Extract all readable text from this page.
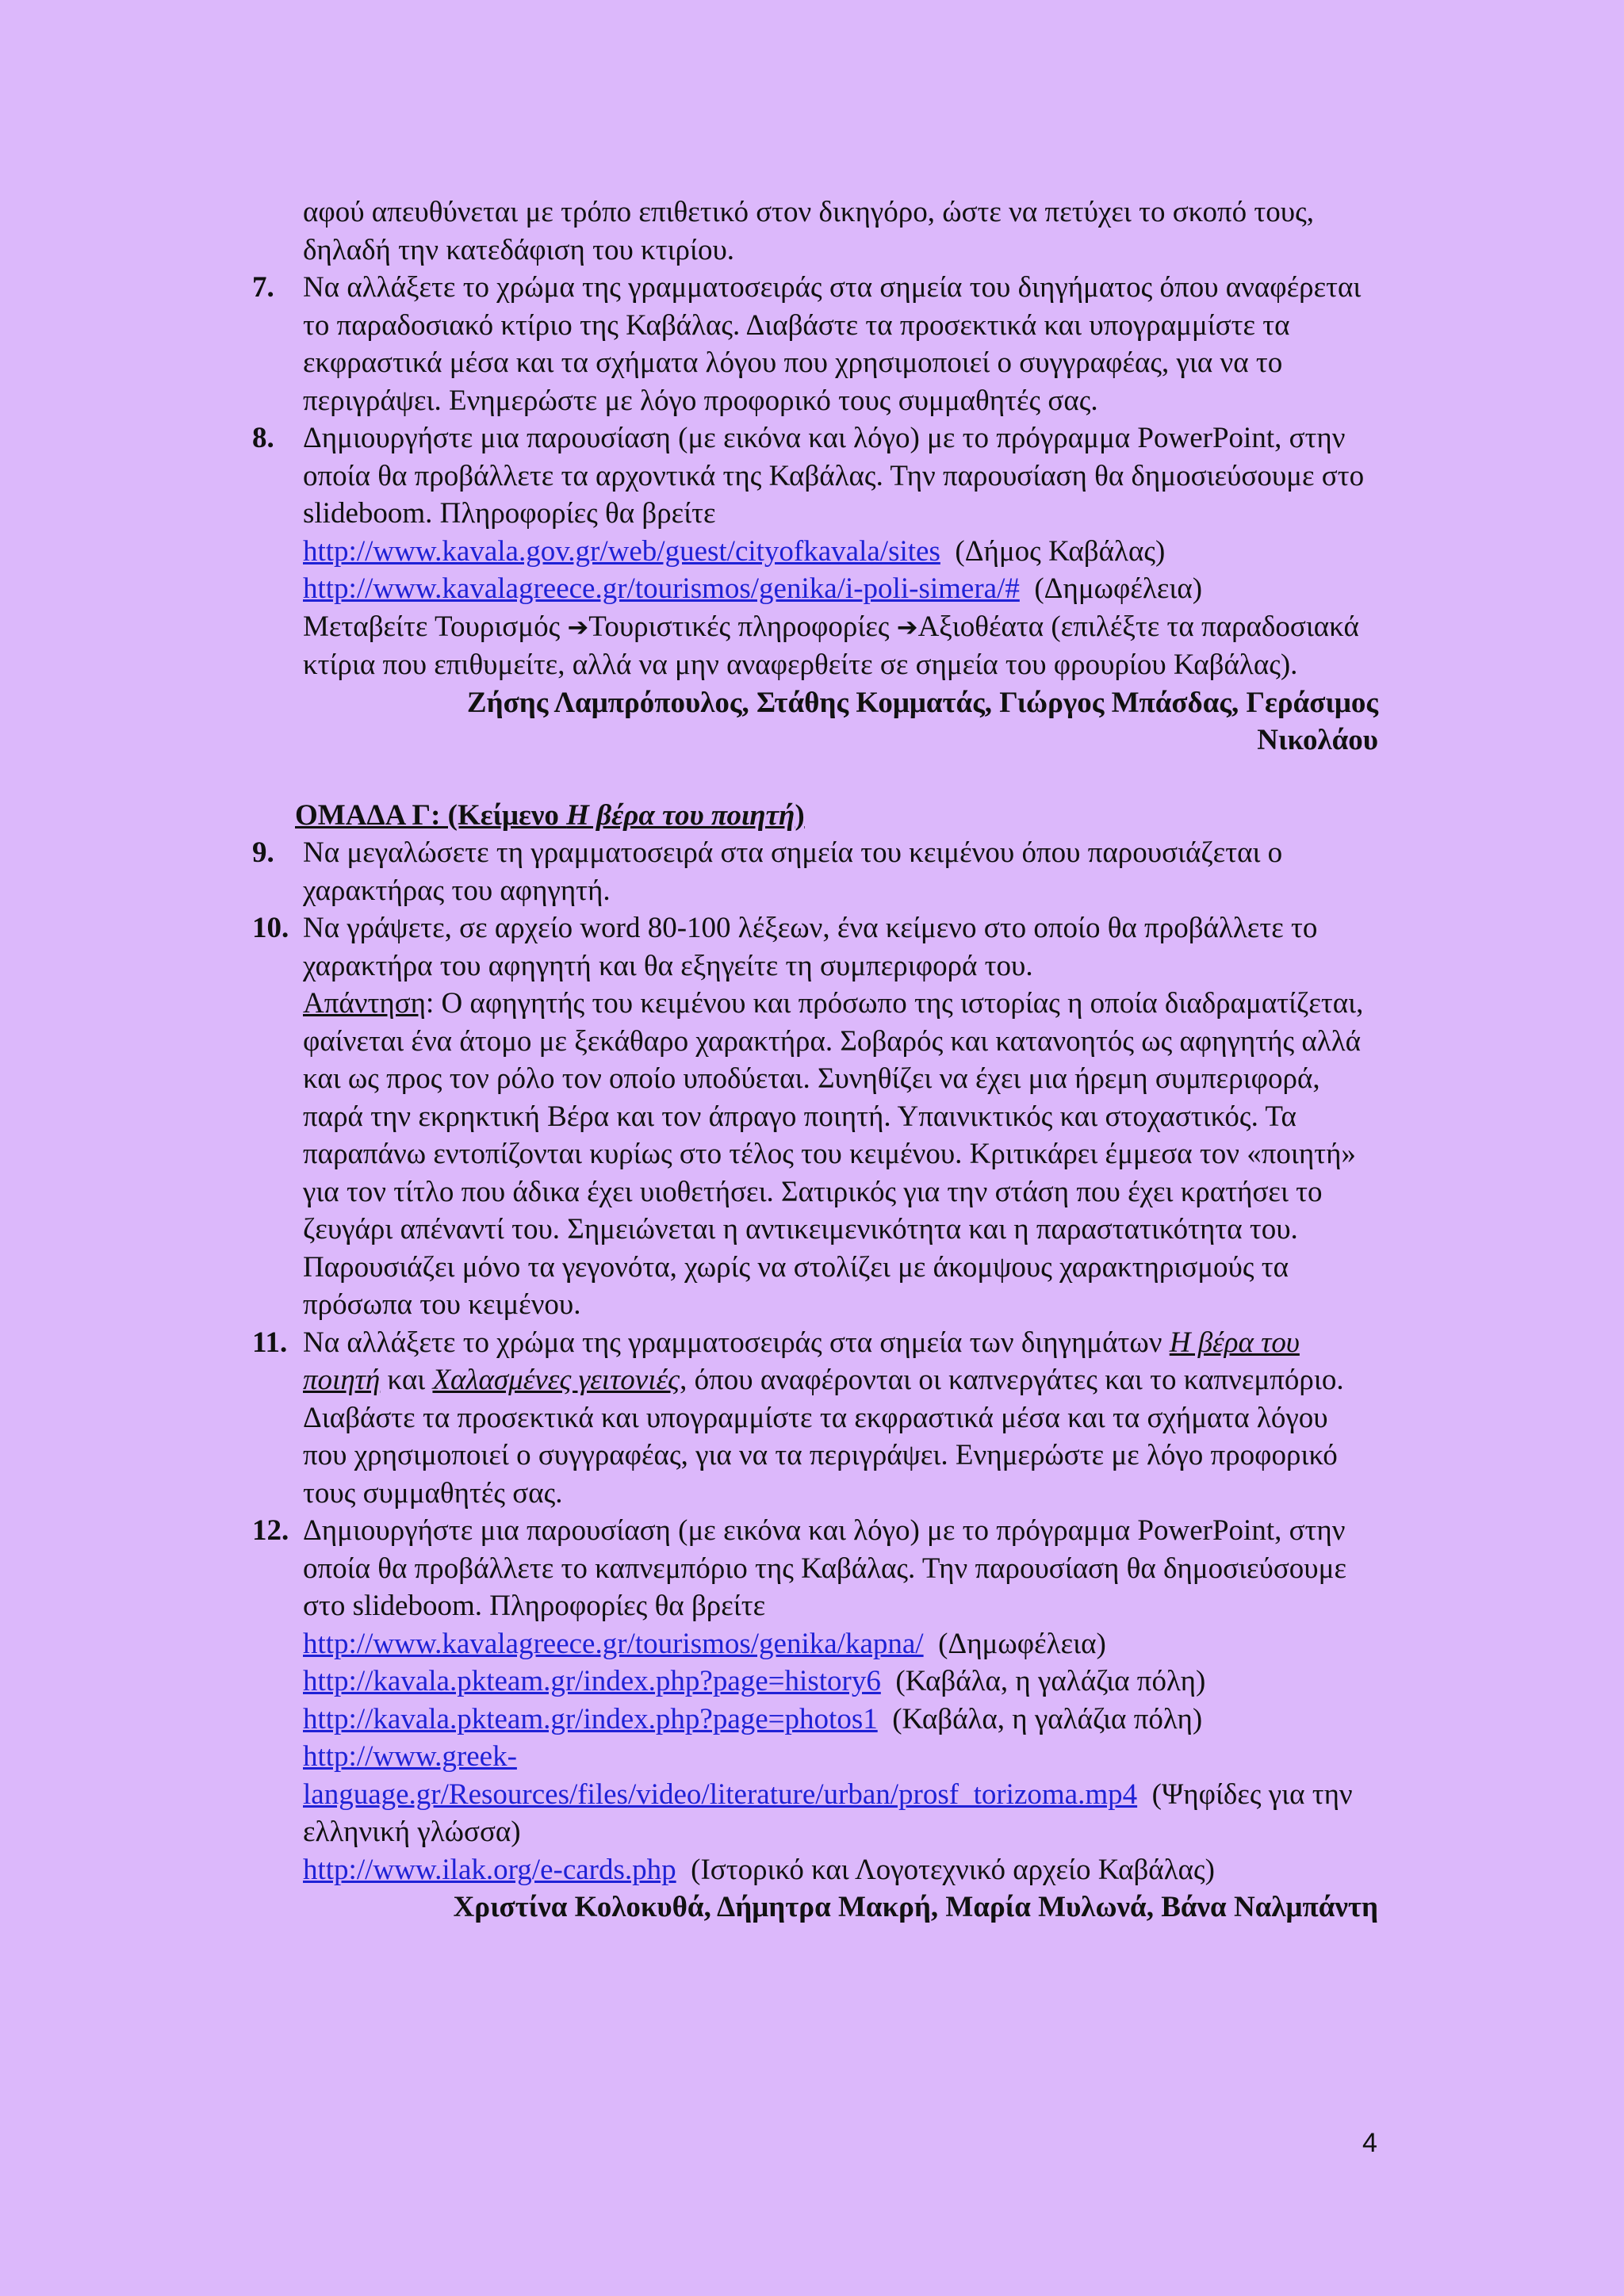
αφού απευθύνεται με τρόπο επιθετικό στον δικηγόρο, ώστε να πετύχει το σκοπό τους, δηλαδή την κατεδάφιση του κτιρίου.

7. Να αλλάξετε το χρώμα της γραμματοσειράς στα σημεία του διηγήματος όπου αναφέρεται το παραδοσιακό κτίριο της Καβάλας. Διαβάστε τα προσεκτικά και υπογραμμίστε τα εκφραστικά μέσα και τα σχήματα λόγου που χρησιμοποιεί ο συγγραφέας, για να το περιγράψει. Ενημερώστε με λόγο προφορικό τους συμμαθητές σας.
8. Δημιουργήστε μια παρουσίαση (με εικόνα και λόγο) με το πρόγραμμα PowerPoint, στην οποία θα προβάλλετε τα αρχοντικά της Καβάλας. Την παρουσίαση θα δημοσιεύσουμε στο slideboom. Πληροφορίες θα βρείτε
http://www.kavala.gov.gr/web/guest/cityofkavala/sites (Δήμος Καβάλας)
http://www.kavalagreece.gr/tourismos/genika/i-poli-simera/# (Δημωφέλεια)
Μεταβείτε Τουρισμός ➔Τουριστικές πληροφορίες ➔Αξιοθέατα (επιλέξτε τα παραδοσιακά κτίρια που επιθυμείτε, αλλά να μην αναφερθείτε σε σημεία του φρουρίου Καβάλας).

Ζήσης Λαμπρόπουλος, Στάθης Κομματάς, Γιώργος Μπάσδας, Γεράσιμος

Νικολάου

ΟΜΑΔΑ Γ: (Κείμενο Η βέρα του ποιητή)

9. Να μεγαλώσετε τη γραμματοσειρά στα σημεία του κειμένου όπου παρουσιάζεται ο χαρακτήρας του αφηγητή.
10. Να γράψετε, σε αρχείο word 80-100 λέξεων, ένα κείμενο στο οποίο θα προβάλλετε το χαρακτήρα του αφηγητή και θα εξηγείτε τη συμπεριφορά του.
Απάντηση: Ο αφηγητής του κειμένου και πρόσωπο της ιστορίας η οποία διαδραματίζεται, φαίνεται ένα άτομο με ξεκάθαρο χαρακτήρα. Σοβαρός και κατανοητός ως αφηγητής αλλά και ως προς τον ρόλο τον οποίο υποδύεται. Συνηθίζει να έχει μια ήρεμη συμπεριφορά, παρά την εκρηκτική Βέρα και τον άπραγο ποιητή. Υπαινικτικός και στοχαστικός. Τα παραπάνω εντοπίζονται κυρίως στο τέλος του κειμένου. Κριτικάρει έμμεσα τον «ποιητή» για τον τίτλο που άδικα έχει υιοθετήσει. Σατιρικός για την στάση που έχει κρατήσει το ζευγάρι απέναντί του. Σημειώνεται η αντικειμενικότητα και η παραστατικότητα του. Παρουσιάζει μόνο τα γεγονότα, χωρίς να στολίζει με άκομψους χαρακτηρισμούς τα πρόσωπα του κειμένου.
11. Να αλλάξετε το χρώμα της γραμματοσειράς στα σημεία των διηγημάτων Η βέρα του ποιητή και Χαλασμένες γειτονιές, όπου αναφέρονται οι καπνεργάτες και το καπνεμπόριο. Διαβάστε τα προσεκτικά και υπογραμμίστε τα εκφραστικά μέσα και τα σχήματα λόγου που χρησιμοποιεί ο συγγραφέας, για να τα περιγράψει. Ενημερώστε με λόγο προφορικό τους συμμαθητές σας.
12. Δημιουργήστε μια παρουσίαση (με εικόνα και λόγο) με το πρόγραμμα PowerPoint, στην οποία θα προβάλλετε το καπνεμπόριο της Καβάλας. Την παρουσίαση θα δημοσιεύσουμε στο slideboom. Πληροφορίες θα βρείτε
http://www.kavalagreece.gr/tourismos/genika/kapna/ (Δημωφέλεια)
http://kavala.pkteam.gr/index.php?page=history6 (Καβάλα, η γαλάζια πόλη)
http://kavala.pkteam.gr/index.php?page=photos1 (Καβάλα, η γαλάζια πόλη)
http://www.greek-
language.gr/Resources/files/video/literature/urban/prosf_torizoma.mp4 (Ψηφίδες για την ελληνική γλώσσα)
http://www.ilak.org/e-cards.php (Ιστορικό και Λογοτεχνικό αρχείο Καβάλας)

Χριστίνα Κολοκυθά, Δήμητρα Μακρή, Μαρία Μυλωνά, Βάνα Ναλμπάντη

4
